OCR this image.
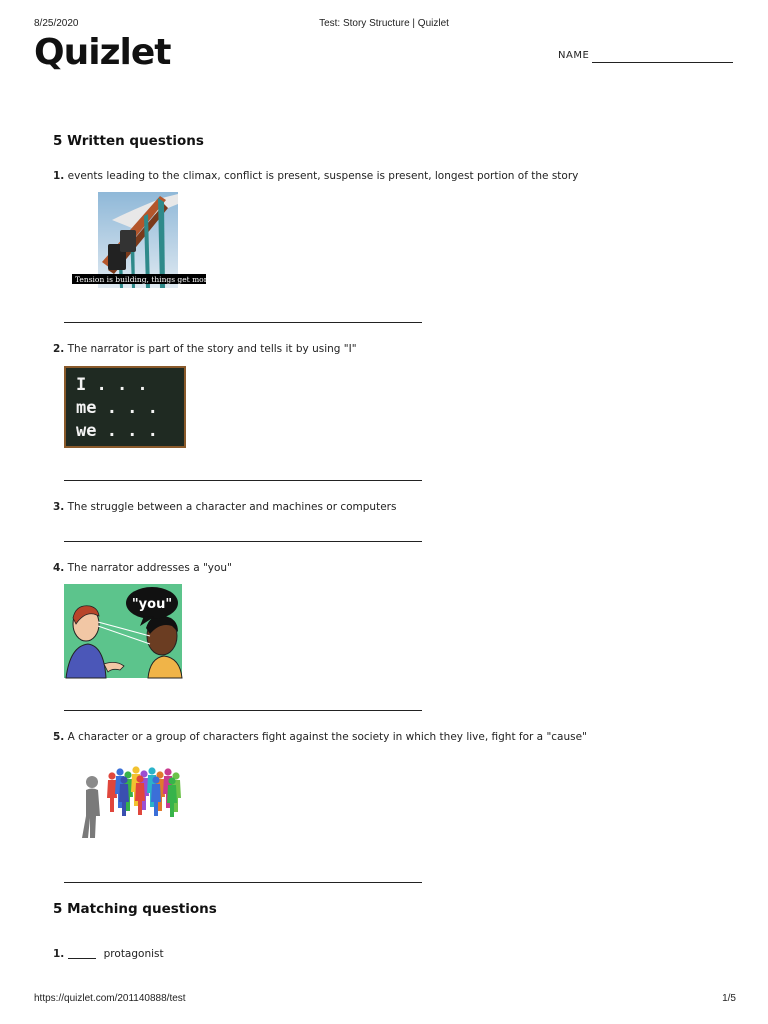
8/25/2020	Test: Story Structure | Quizlet
Quizlet	NAME
5 Written questions
1. events leading to the climax, conflict is present, suspense is present, longest portion of the story
Tension is building, things get more exciting.
2. The narrator is part of the story and tells it by using "I"
I . . .
me . . .
we . . .
3. The struggle between a character and machines or computers
4. The narrator addresses a "you"
"you"
5. A character or a group of characters fight against the society in which they live, fight for a "cause"
5 Matching questions
1.	protagonist
https://quizlet.com/201140888/test	1/5
